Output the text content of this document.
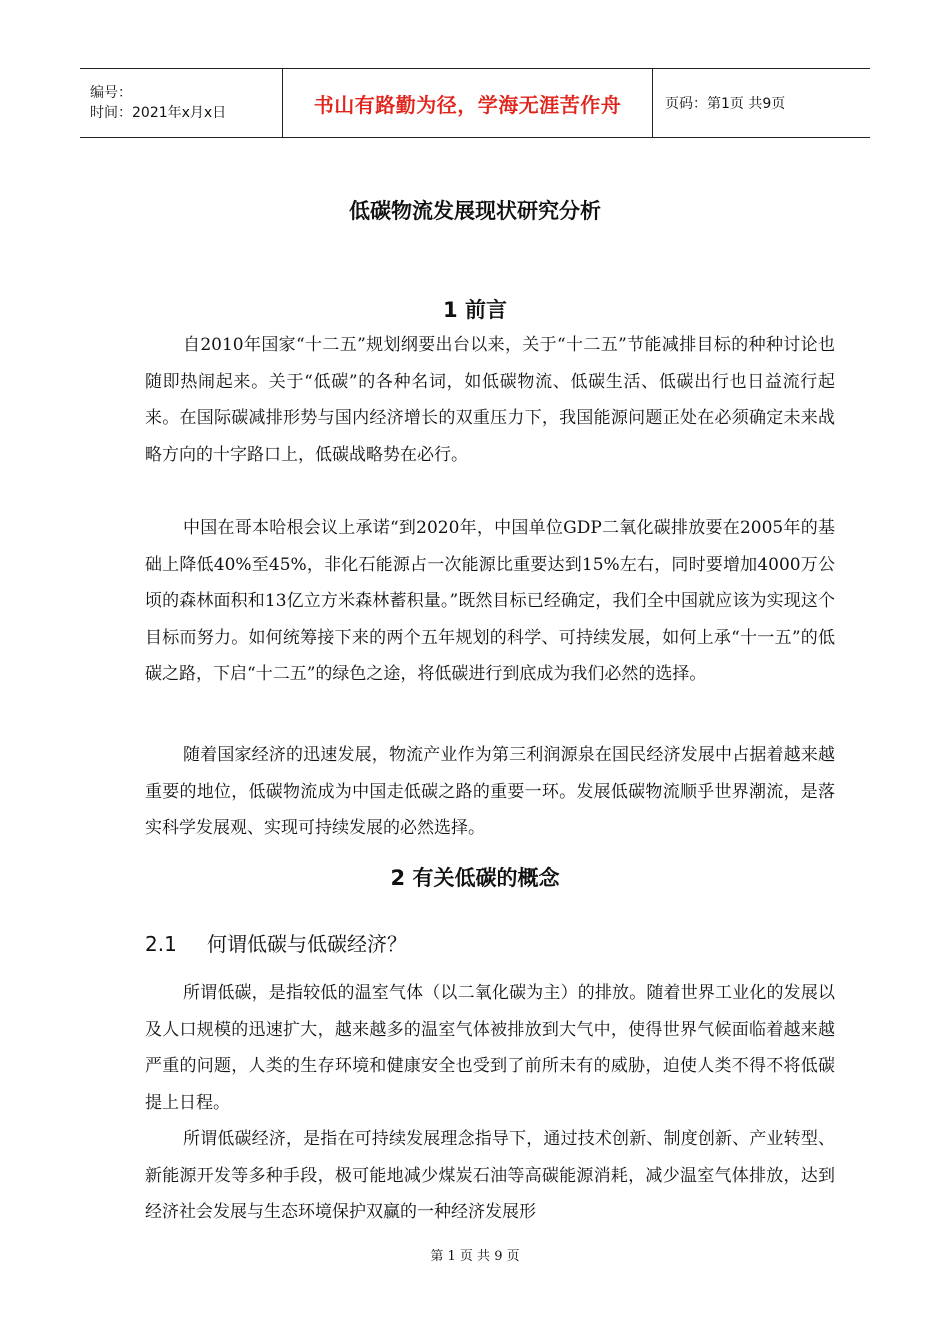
编号：
时间：2021年x月x日	书山有路勤为径，学海无涯苦作舟	页码：第1页 共9页
低碳物流发展现状研究分析
1 前言

自2010年国家“十二五”规划纲要出台以来，关于“十二五”节能减排目标的种种讨论也随即热闹起来。关于“低碳”的各种名词，如低碳物流、低碳生活、低碳出行也日益流行起来。在国际碳减排形势与国内经济增长的双重压力下，我国能源问题正处在必须确定未来战略方向的十字路口上，低碳战略势在必行。

中国在哥本哈根会议上承诺“到2020年，中国单位GDP二氧化碳排放要在2005年的基础上降低40%至45%，非化石能源占一次能源比重要达到15%左右，同时要增加4000万公顷的森林面积和13亿立方米森林蓄积量。”既然目标已经确定，我们全中国就应该为实现这个目标而努力。如何统筹接下来的两个五年规划的科学、可持续发展，如何上承“十一五”的低碳之路，下启“十二五”的绿色之途，将低碳进行到底成为我们必然的选择。

随着国家经济的迅速发展，物流产业作为第三利润源泉在国民经济发展中占据着越来越重要的地位，低碳物流成为中国走低碳之路的重要一环。发展低碳物流顺乎世界潮流，是落实科学发展观、实现可持续发展的必然选择。

2 有关低碳的概念
2.1 何谓低碳与低碳经济？

所谓低碳，是指较低的温室气体（以二氧化碳为主）的排放。随着世界工业化的发展以及人口规模的迅速扩大，越来越多的温室气体被排放到大气中，使得世界气候面临着越来越严重的问题，人类的生存环境和健康安全也受到了前所未有的威胁，迫使人类不得不将低碳提上日程。

所谓低碳经济，是指在可持续发展理念指导下，通过技术创新、制度创新、产业转型、新能源开发等多种手段，极可能地减少煤炭石油等高碳能源消耗，减少温室气体排放，达到经济社会发展与生态环境保护双赢的一种经济发展形

第 1 页 共 9 页
